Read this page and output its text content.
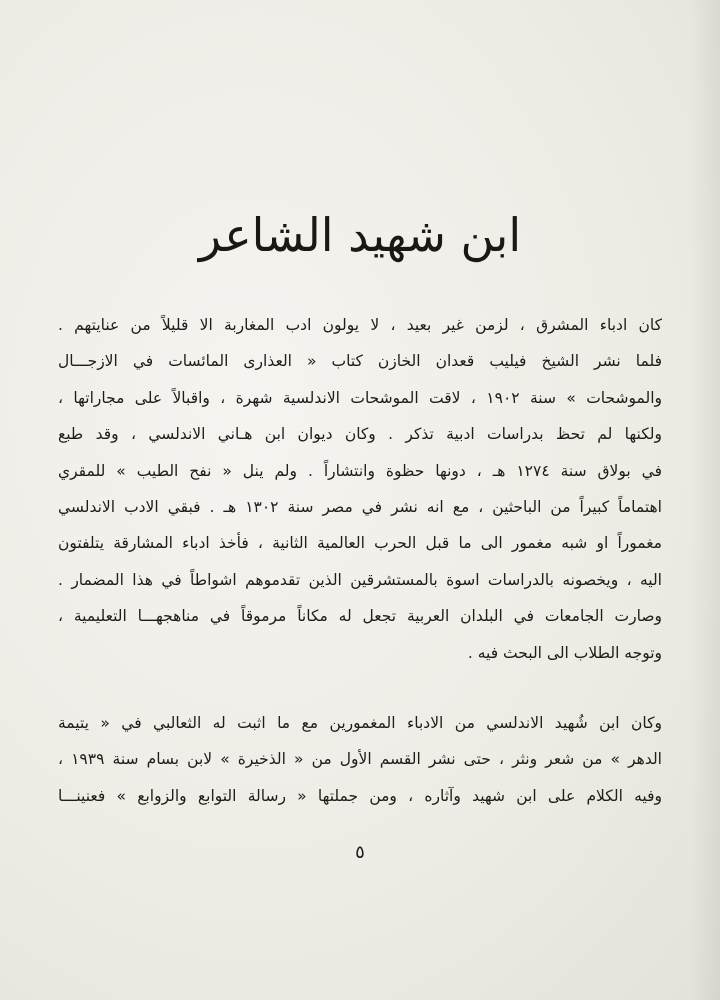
ابن شهيد الشاعر
كان ادباء المشرق ، لزمن غير بعيد ، لا يولون ادب المغاربة الا قليلاً من عنايتهم .
فلما نشر الشيخ فيليب قعدان الخازن كتاب « العذارى المائسات في الازجـــال
والموشحات » سنة ١٩٠٢ ، لاقت الموشحات الاندلسية شهرة ، واقبالاً على مجاراتها ،
ولكنها لم تحظ بدراسات ادبية تذكر . وكان ديوان ابن هـاني الاندلسي ، وقد طبع
في بولاق سنة ١٢٧٤ هـ ، دونها حظوة وانتشاراً . ولم ينل « نفح الطيب » للمقري
اهتماماً كبيراً من الباحثين ، مع انه نشر في مصر سنة ١٣٠٢ هـ . فبقي الادب الاندلسي
مغموراً او شبه مغمور الى ما قبل الحرب العالمية الثانية ، فأخذ ادباء المشارقة يتلفتون
اليه ، ويخصونه بالدراسات اسوة بالمستشرقين الذين تقدموهم اشواطاً في هذا المضمار .
وصارت الجامعات في البلدان العربية تجعل له مكاناً مرموقاً في مناهجهـــا التعليمية ،
وتوجه الطلاب الى البحث فيه .
وكان ابن شُهيد الاندلسي من الادباء المغمورين مع ما اثبت له الثعالبي في « يتيمة
الدهر » من شعر ونثر ، حتى نشر القسم الأول من « الذخيرة » لابن بسام سنة ١٩٣٩ ،
وفيه الكلام على ابن شهيد وآثاره ، ومن جملتها « رسالة التوابع والزوابع » فعنينـــا
٥
